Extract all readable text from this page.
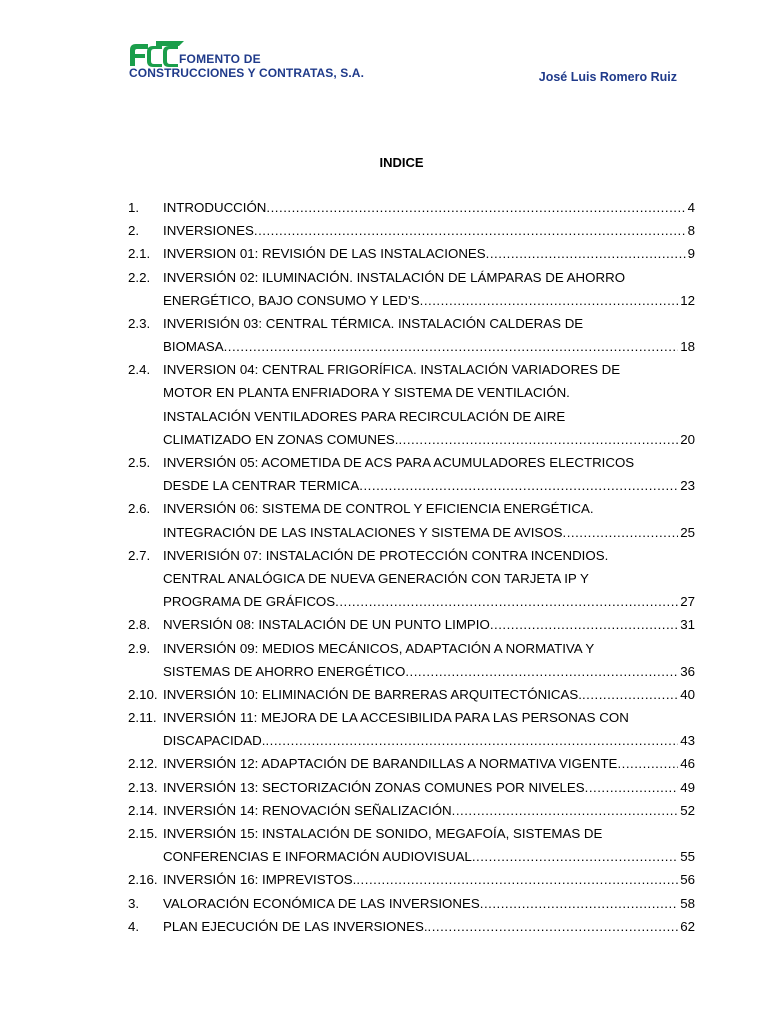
FOMENTO DE
CONSTRUCCIONES Y CONTRATAS, S.A.	José Luis Romero Ruiz
INDICE
1.	INTRODUCCIÓN .....	4
2.	INVERSIONES .....	8
2.1. INVERSION 01: REVISIÓN DE LAS INSTALACIONES .....	9
2.2. INVERSIÓN 02: ILUMINACIÓN. INSTALACIÓN DE LÁMPARAS DE AHORRO
ENERGÉTICO, BAJO CONSUMO Y LED’S .....	12
2.3. INVERISIÓN 03: CENTRAL TÉRMICA. INSTALACIÓN CALDERAS DE
BIOMASA .....	18
2.4. INVERSION 04: CENTRAL FRIGORÍFICA. INSTALACIÓN VARIADORES DE
MOTOR EN PLANTA ENFRIADORA Y SISTEMA DE VENTILACIÓN.
INSTALACIÓN VENTILADORES PARA RECIRCULACIÓN DE AIRE
CLIMATIZADO EN ZONAS COMUNES. .....	20
2.5. INVERSIÓN 05: ACOMETIDA DE ACS PARA ACUMULADORES ELECTRICOS
DESDE LA CENTRAR TERMICA .....	23
2.6. INVERSIÓN 06: SISTEMA DE CONTROL Y EFICIENCIA ENERGÉTICA.
INTEGRACIÓN DE LAS INSTALACIONES Y SISTEMA DE AVISOS .....	25
2.7. INVERISIÓN 07: INSTALACIÓN DE PROTECCIÓN CONTRA INCENDIOS.
CENTRAL ANALÓGICA DE NUEVA GENERACIÓN CON TARJETA IP Y
PROGRAMA DE GRÁFICOS .....	27
2.8. NVERSIÓN 08: INSTALACIÓN DE UN PUNTO LIMPIO .....	31
2.9. INVERSIÓN 09: MEDIOS MECÁNICOS, ADAPTACIÓN A NORMATIVA Y
SISTEMAS DE AHORRO ENERGÉTICO .....	36
2.10. INVERSIÓN 10: ELIMINACIÓN DE BARRERAS ARQUITECTÓNICAS. .....	40
2.11. INVERSIÓN 11: MEJORA DE LA ACCESIBILIDA PARA LAS PERSONAS CON
DISCAPACIDAD. .....	43
2.12. INVERSIÓN 12: ADAPTACIÓN DE BARANDILLAS A NORMATIVA VIGENTE .....	46
2.13. INVERSIÓN 13: SECTORIZACIÓN ZONAS COMUNES POR NIVELES .....	49
2.14. INVERSIÓN 14: RENOVACIÓN SEÑALIZACIÓN .....	52
2.15. INVERSIÓN 15: INSTALACIÓN DE SONIDO, MEGAFOÍA, SISTEMAS DE
CONFERENCIAS E INFORMACIÓN AUDIOVISUAL .....	55
2.16. INVERSIÓN 16: IMPREVISTOS. .....	56
3.	VALORACIÓN ECONÓMICA DE LAS INVERSIONES .....	58
4.	PLAN EJECUCIÓN DE LAS INVERSIONES. .....	62
